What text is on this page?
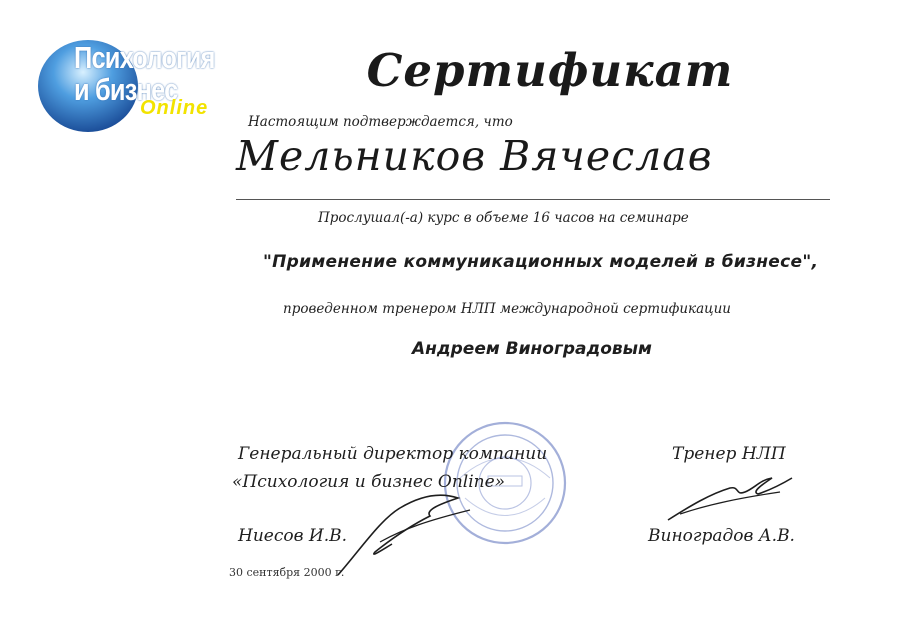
Психология
и бизнес
Online
Сертификат
Настоящим подтверждается, что
Мельников Вячеслав
Прослушал(-а) курс в объеме 16 часов на семинаре
"Применение коммуникационных моделей в бизнесе",
проведенном тренером НЛП международной сертификации
Андреем Виноградовым
Генеральный директор компании
«Психология и бизнес Online»
Ниесов И.В.
Тренер НЛП
Виноградов А.В.
30 сентября 2000 г.
